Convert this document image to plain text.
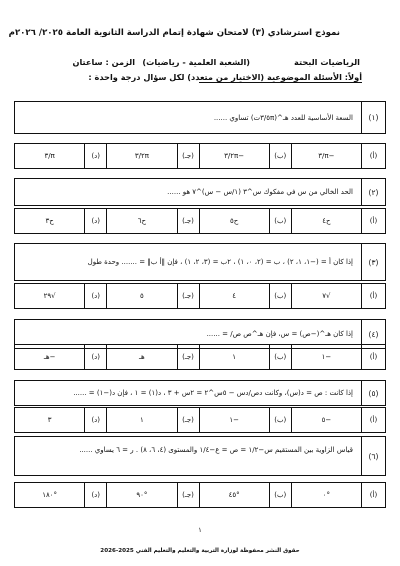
نموذج استرشادي (٣) لامتحان شهادة إتمام الدراسة الثانوية العامة ٢٠٢٥/ ٢٠٢٦م
الرياضيات البحتة
(الشعبة العلمية - رياضيات)
الزمن : ساعتان
أولاً: الأسئلة الموضوعية (الاختيار من متعدد) لكل سؤال درجة واحدة :
(١)
السعة الأساسية للعدد هـ^(٥π/٣ت) تساوي ......
(أ)
−π/٣
(ب)
−٢π/٣
(جـ)
٢π/٣
(د)
π/٣
(٢)
الحد الخالي من س في مفكوك س^٣ (١/س − س)^٧ هو ......
(أ)
ح٤
(ب)
ح٥
(جـ)
ح٦
(د)
ح٣
(٣)
إذا كان أ = (−١، ١، ٢) ، ب = (٢، ٠، ١) ، ٢ب = (٣، ٢، ١) ، فإن ‖أ ب‖ = ....... وحدة طول
(أ)
√٧
(ب)
٤
(جـ)
٥
(د)
√٢٩
(٤)
إذا كان هـ^(−ص) = س، فإن هـ^ص ص/ = ......
(أ)
−١
(ب)
١
(جـ)
هـ
(د)
−هـ
(٥)
إذا كانت : ص = د(س)، وكانت دص/دس − ٥س^٢ = ٢س + ٣ ، د(١) = ١ ، فإن د(−١) = ......
(أ)
−٥
(ب)
−١
(جـ)
١
(د)
٣
(٦)
قياس الزاوية بين المستقيم س−١/٢ = ص = ع−١/٤ والمستوى (٤، ٦، ٨) . ر = ٦ يساوي ......
(أ)
°٠
(ب)
°٤٥
(جـ)
°٩٠
(د)
°١٨٠
١
حقوق النشر محفوظة لوزارة التربية والتعليم والتعليم الفني 2025-2026
